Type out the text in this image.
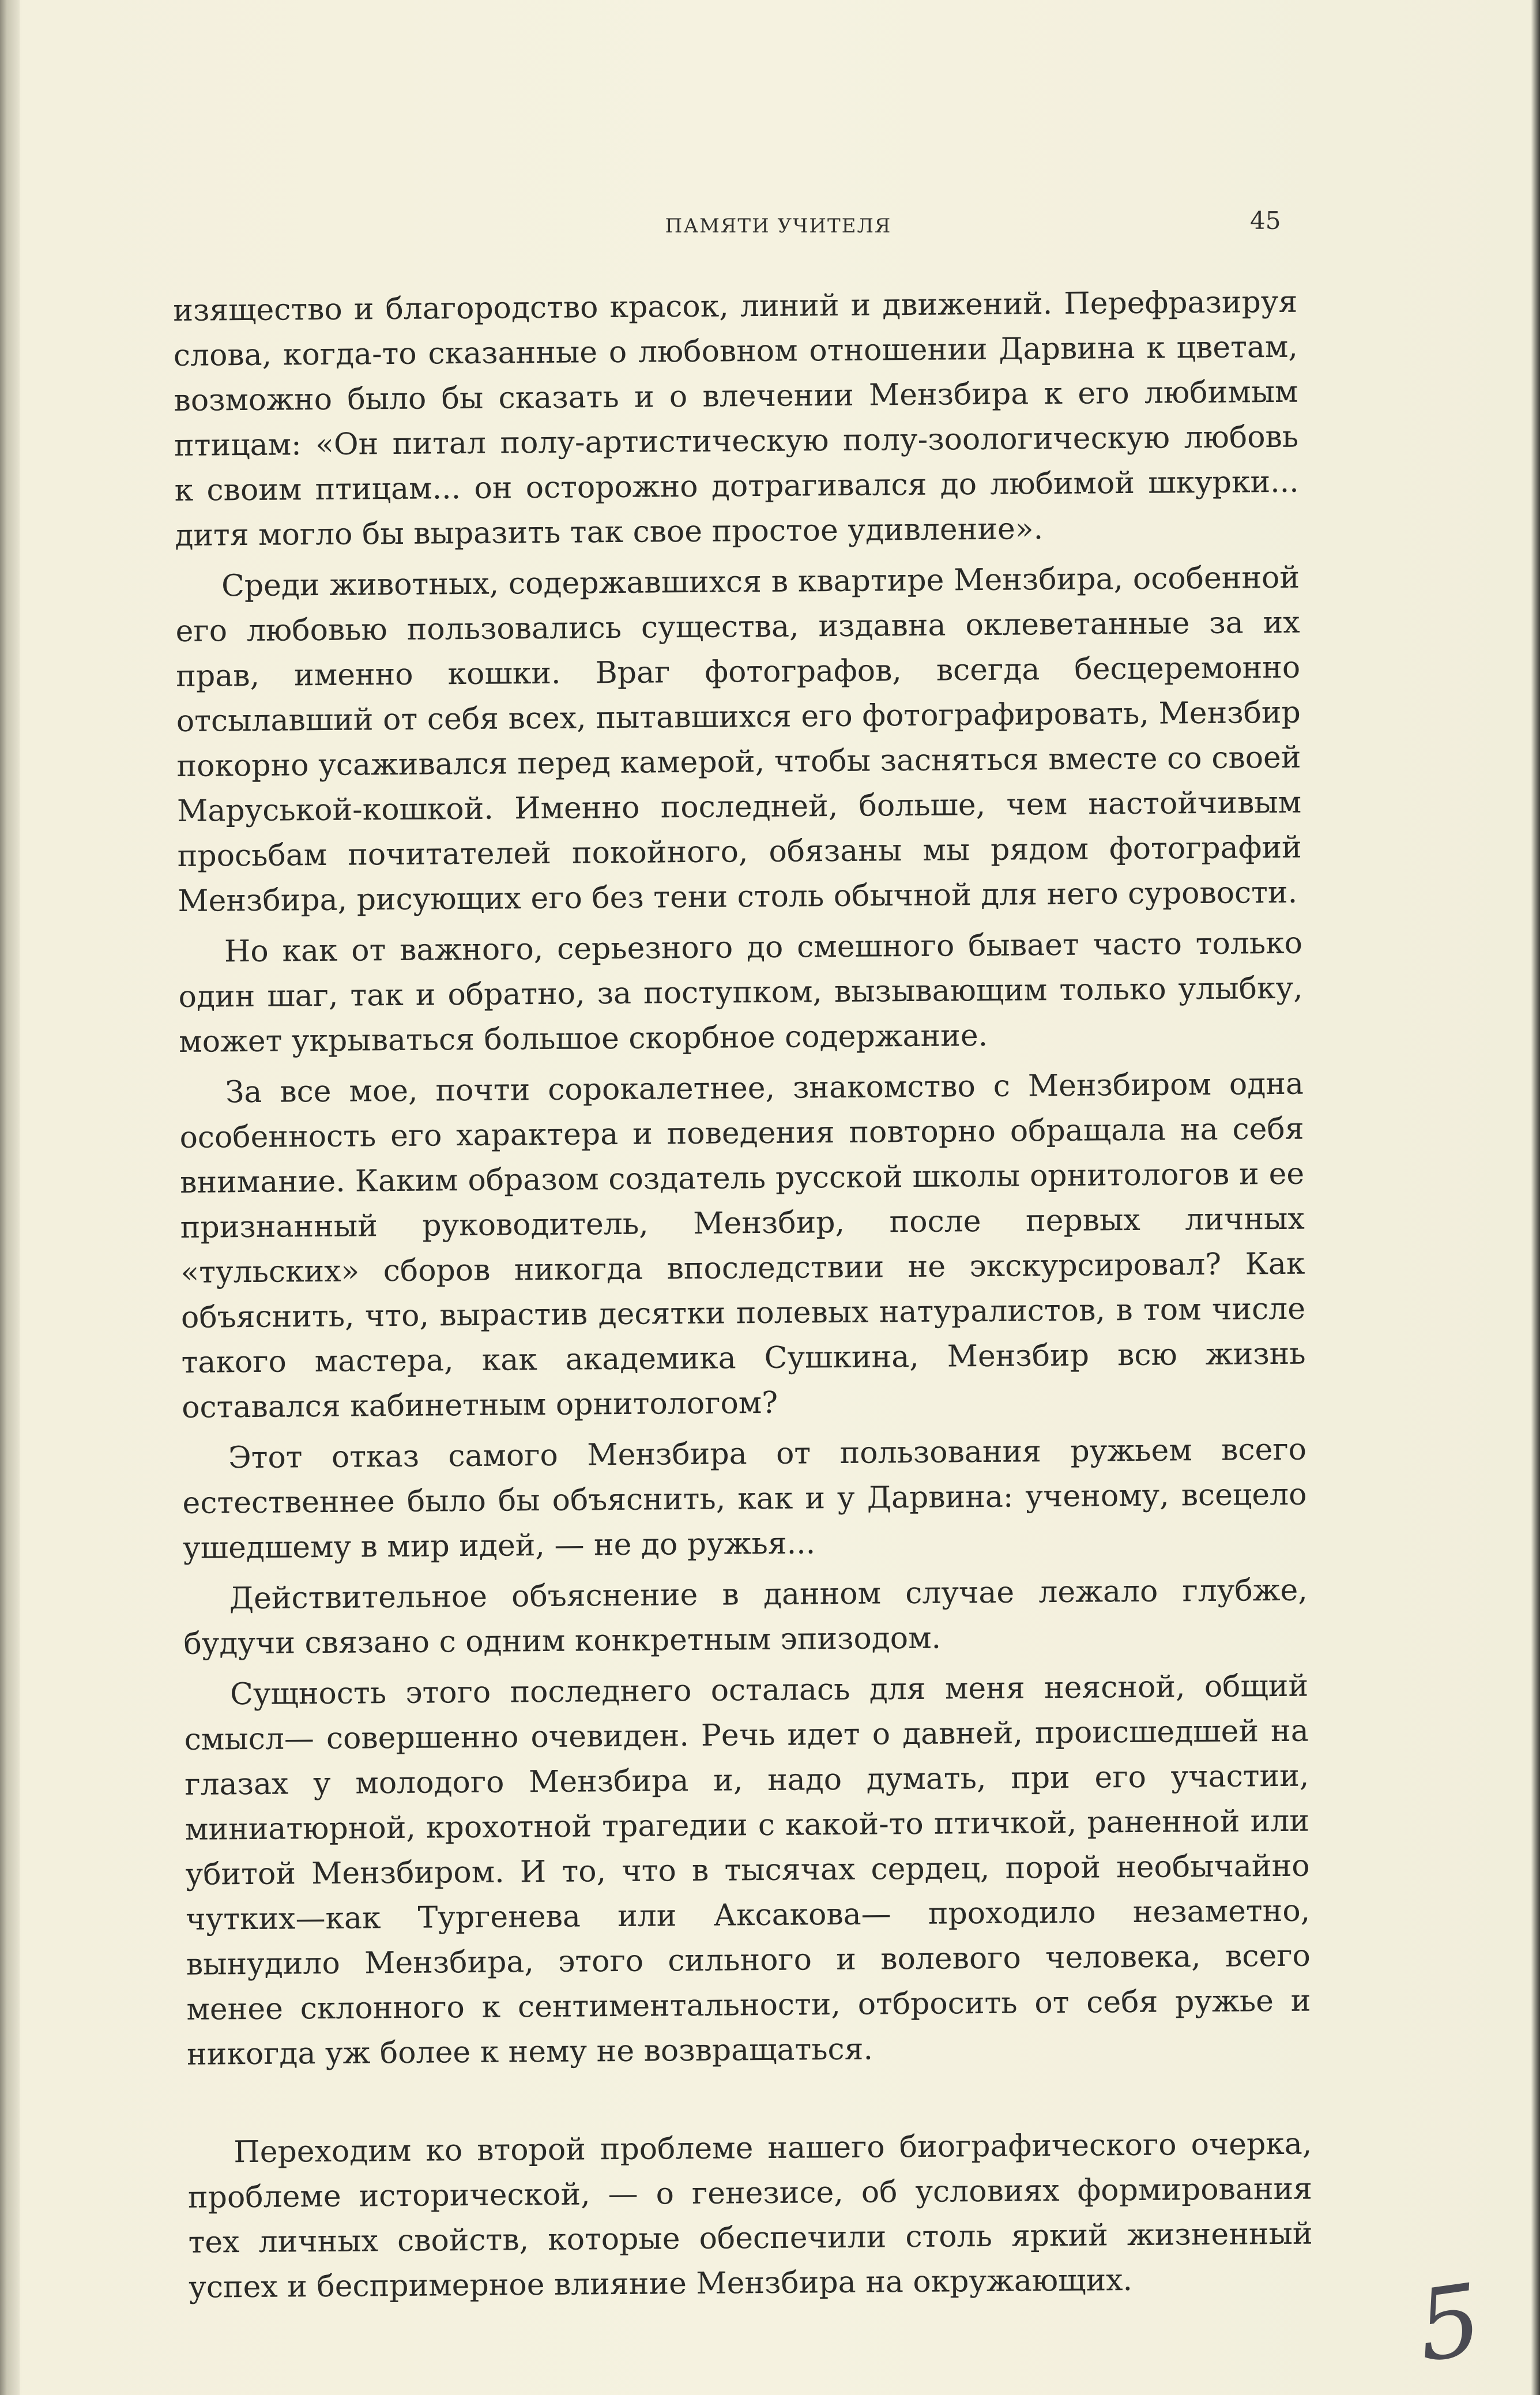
ПАМЯТИ УЧИТЕЛЯ	45

изящество и благородство красок, линий и движений. Перефразируя слова, когда-то сказанные о любовном отношении Дарвина к цветам, возможно было бы сказать и о влечении Мензбира к его любимым птицам: «Он питал полу-артистическую полу-зоологическую любовь к своим птицам... он осторожно дотрагивался до любимой шкурки... дитя могло бы выразить так свое простое удивление».

Среди животных, содержавшихся в квартире Мензбира, особенной его любовью пользовались существа, издавна оклеветанные за их прав, именно кошки. Враг фотографов, всегда бесцеремонно отсылавший от себя всех, пытавшихся его фотографировать, Мензбир покорно усаживался перед камерой, чтобы засняться вместе со своей Маруськой-кошкой. Именно последней, больше, чем настойчивым просьбам почитателей покойного, обязаны мы рядом фотографий Мензбира, рисующих его без тени столь обычной для него суровости.

Но как от важного, серьезного до смешного бывает часто только один шаг, так и обратно, за поступком, вызывающим только улыбку, может укрываться большое скорбное содержание.

За все мое, почти сорокалетнее, знакомство с Мензбиром одна особенность его характера и поведения повторно обращала на себя внимание. Каким образом создатель русской школы орнитологов и ее признанный руководитель, Мензбир, после первых личных «тульских» сборов никогда впоследствии не экскурсировал? Как объяснить, что, вырастив десятки полевых натуралистов, в том числе такого мастера, как академика Сушкина, Мензбир всю жизнь оставался кабинетным орнитологом?

Этот отказ самого Мензбира от пользования ружьем всего естественнее было бы объяснить, как и у Дарвина: ученому, всецело ушедшему в мир идей, — не до ружья...

Действительное объяснение в данном случае лежало глубже, будучи связано с одним конкретным эпизодом.

Сущность этого последнего осталась для меня неясной, общий смысл— совершенно очевиден. Речь идет о давней, происшедшей на глазах у молодого Мензбира и, надо думать, при его участии, миниатюрной, крохотной трагедии с какой-то птичкой, раненной или убитой Мензбиром. И то, что в тысячах сердец, порой необычайно чутких—как Тургенева или Аксакова— проходило незаметно, вынудило Мензбира, этого сильного и волевого человека, всего менее склонного к сентиментальности, отбросить от себя ружье и никогда уж более к нему не возвращаться.

Переходим ко второй проблеме нашего биографического очерка, проблеме исторической, — о генезисе, об условиях формирования тех личных свойств, которые обеспечили столь яркий жизненный успех и беспримерное влияние Мензбира на окружающих.	5
